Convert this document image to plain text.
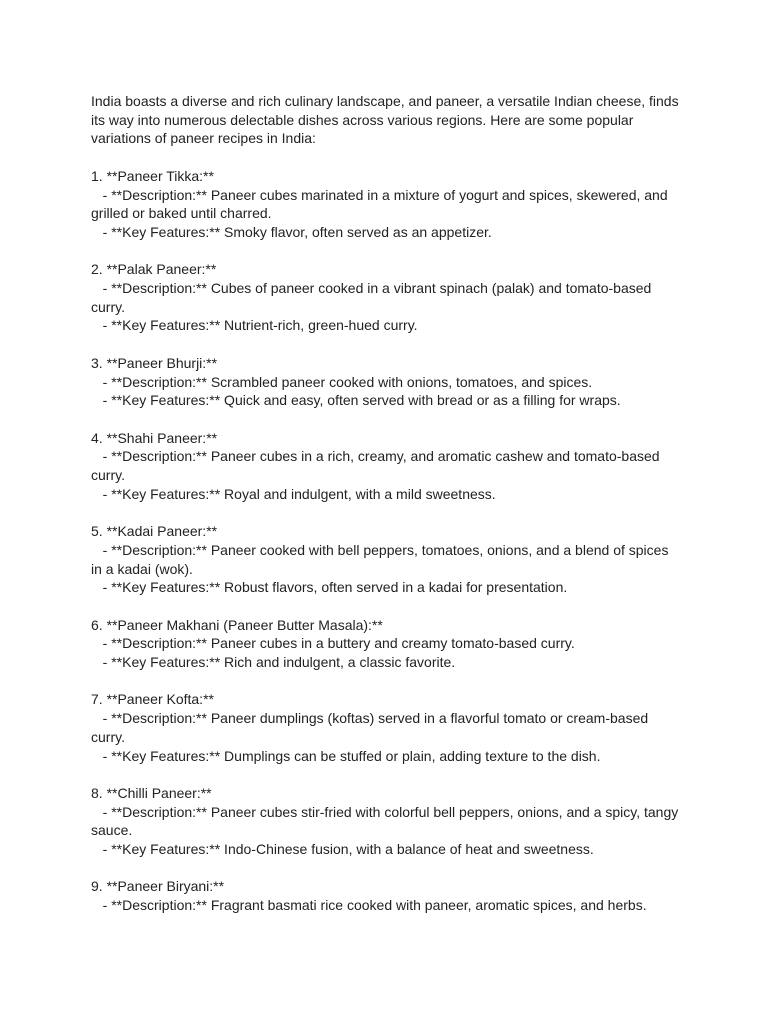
India boasts a diverse and rich culinary landscape, and paneer, a versatile Indian cheese, finds its way into numerous delectable dishes across various regions. Here are some popular variations of paneer recipes in India:

1. **Paneer Tikka:**
- **Description:** Paneer cubes marinated in a mixture of yogurt and spices, skewered, and grilled or baked until charred.
- **Key Features:** Smoky flavor, often served as an appetizer.
2. **Palak Paneer:**
- **Description:** Cubes of paneer cooked in a vibrant spinach (palak) and tomato-based curry.
- **Key Features:** Nutrient-rich, green-hued curry.
3. **Paneer Bhurji:**
- **Description:** Scrambled paneer cooked with onions, tomatoes, and spices.
- **Key Features:** Quick and easy, often served with bread or as a filling for wraps.
4. **Shahi Paneer:**
- **Description:** Paneer cubes in a rich, creamy, and aromatic cashew and tomato-based curry.
- **Key Features:** Royal and indulgent, with a mild sweetness.
5. **Kadai Paneer:**
- **Description:** Paneer cooked with bell peppers, tomatoes, onions, and a blend of spices in a kadai (wok).
- **Key Features:** Robust flavors, often served in a kadai for presentation.
6. **Paneer Makhani (Paneer Butter Masala):**
- **Description:** Paneer cubes in a buttery and creamy tomato-based curry.
- **Key Features:** Rich and indulgent, a classic favorite.
7. **Paneer Kofta:**
- **Description:** Paneer dumplings (koftas) served in a flavorful tomato or cream-based curry.
- **Key Features:** Dumplings can be stuffed or plain, adding texture to the dish.
8. **Chilli Paneer:**
- **Description:** Paneer cubes stir-fried with colorful bell peppers, onions, and a spicy, tangy sauce.
- **Key Features:** Indo-Chinese fusion, with a balance of heat and sweetness.
9. **Paneer Biryani:**
- **Description:** Fragrant basmati rice cooked with paneer, aromatic spices, and herbs.
